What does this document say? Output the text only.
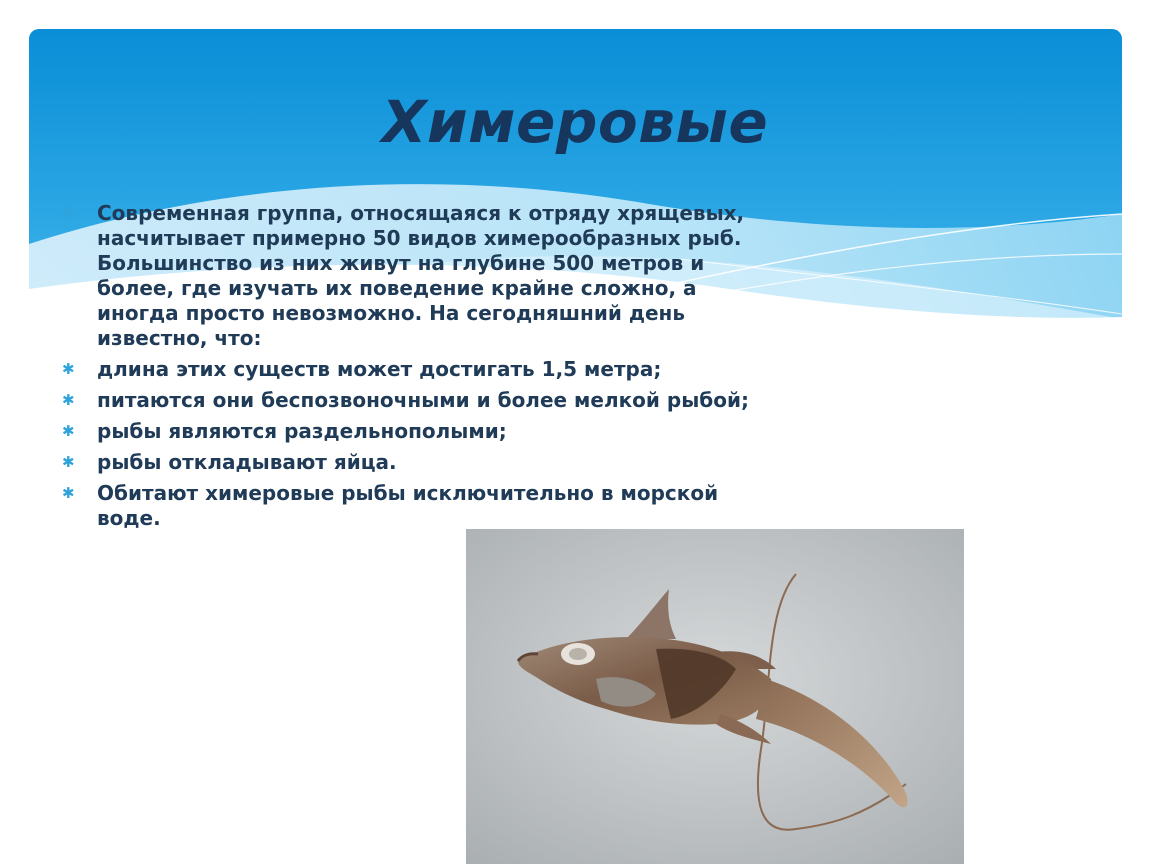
Химеровые
✱ Современная группа, относящаяся к отряду хрящевых, насчитывает примерно 50 видов химерообразных рыб. Большинство из них живут на глубине 500 метров и более, где изучать их поведение крайне сложно, а иногда просто невозможно. На сегодняшний день известно, что:
✱ длина этих существ может достигать 1,5 метра;
✱ питаются они беспозвоночными и более мелкой рыбой;
✱ рыбы являются раздельнополыми;
✱ рыбы откладывают яйца.
✱ Обитают химеровые рыбы исключительно в морской воде.
